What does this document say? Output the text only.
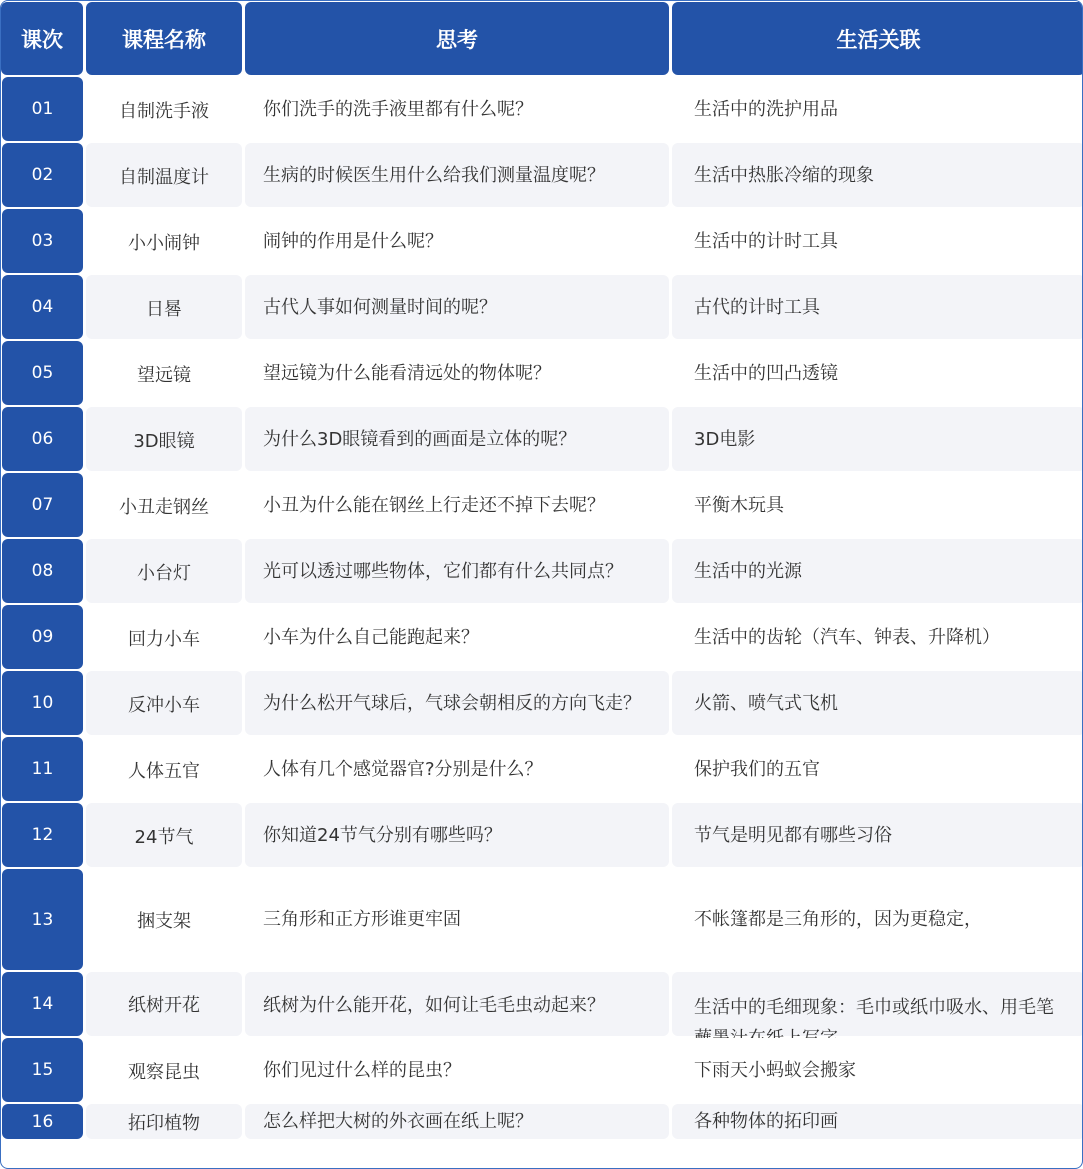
课次	课程名称	思考	生活关联
01	自制洗手液	你们洗手的洗手液里都有什么呢？	生活中的洗护用品
02	自制温度计	生病的时候医生用什么给我们测量温度呢？	生活中热胀冷缩的现象
03	小小闹钟	闹钟的作用是什么呢？	生活中的计时工具
04	日晷	古代人事如何测量时间的呢？	古代的计时工具
05	望远镜	望远镜为什么能看清远处的物体呢？	生活中的凹凸透镜
06	3D眼镜	为什么3D眼镜看到的画面是立体的呢？	3D电影
07	小丑走钢丝	小丑为什么能在钢丝上行走还不掉下去呢？	平衡木玩具
08	小台灯	光可以透过哪些物体，它们都有什么共同点？	生活中的光源
09	回力小车	小车为什么自己能跑起来？	生活中的齿轮（汽车、钟表、升降机）
10	反冲小车	为什么松开气球后，气球会朝相反的方向飞走？	火箭、喷气式飞机
11	人体五官	人体有几个感觉器官?分别是什么？	保护我们的五官
12	24节气	你知道24节气分别有哪些吗？	节气是明见都有哪些习俗
13	捆支架	三角形和正方形谁更牢固	不帐篷都是三角形的，因为更稳定，
14	纸树开花	纸树为什么能开花，如何让毛毛虫动起来？	生活中的毛细现象：毛巾或纸巾吸水、用毛笔
15	观察昆虫	你们见过什么样的昆虫？	下雨天小蚂蚁会搬家
16	拓印植物	怎么样把大树的外衣画在纸上呢？	各种物体的拓印画
